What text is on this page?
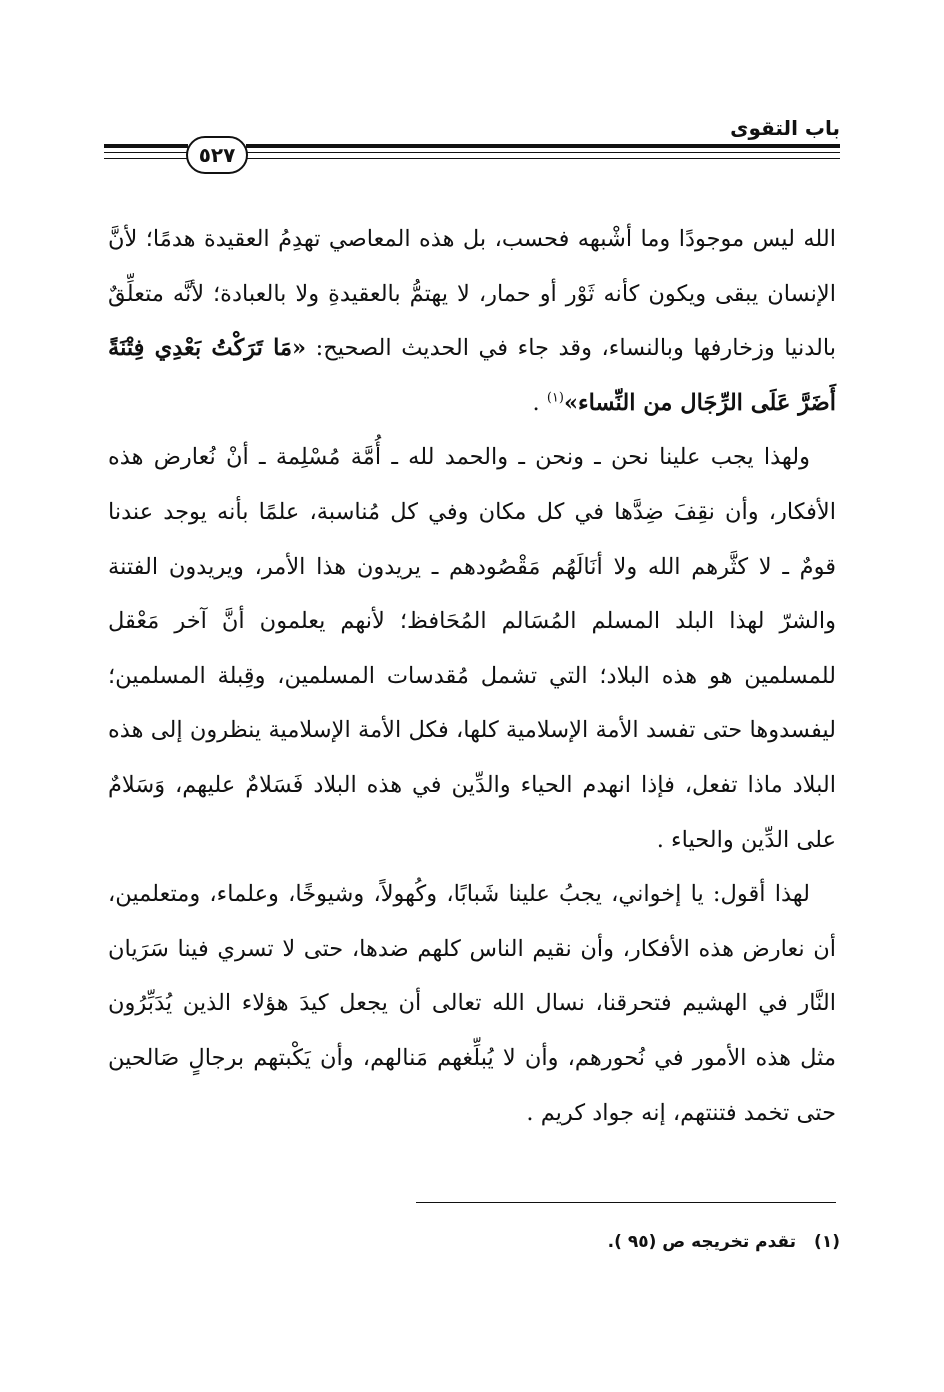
باب التقوى
٥٢٧

الله ليس موجودًا وما أشْبهه فحسب، بل هذه المعاصي تهدِمُ العقيدة هدمًا؛ لأنَّ الإنسان يبقى ويكون كأنه ثَوْر أو حمار، لا يهتمُّ بالعقيدةِ ولا بالعبادة؛ لأنَّه متعلِّقٌ بالدنيا وزخارفها وبالنساء، وقد جاء في الحديث الصحيح: «مَا تَرَكْتُ بَعْدِي فِتْنَةً أَضَرَّ عَلَى الرِّجَال من النِّساء»$^{(١)}$ .

ولهذا يجب علينا نحن ـ ونحن ـ والحمد لله ـ أُمَّة مُسْلِمة ـ أنْ نُعارض هذه الأفكار، وأن نقِفَ ضِدَّها في كل مكان وفي كل مُناسبة، علمًا بأنه يوجد عندنا قومٌ ـ لا كثَّرهم الله ولا أنَالَهُم مَقْصُودهم ـ يريدون هذا الأمر، ويريدون الفتنة والشرّ لهذا البلد المسلم المُسَالم المُحَافظ؛ لأنهم يعلمون أنَّ آخر مَعْقل للمسلمين هو هذه البلاد؛ التي تشمل مُقدسات المسلمين، وقِبلة المسلمين؛ ليفسدوها حتى تفسد الأمة الإسلامية كلها، فكل الأمة الإسلامية ينظرون إلى هذه البلاد ماذا تفعل، فإذا انهدم الحياء والدِّين في هذه البلاد فَسَلامٌ عليهم، وَسَلامٌ على الدِّين والحياء .

لهذا أقول: يا إخواني، يجبُ علينا شَبابًا، وكُهولاً، وشيوخًا، وعلماء، ومتعلمين، أن نعارض هذه الأفكار، وأن نقيم الناس كلهم ضدها، حتى لا تسري فينا سَرَيان النَّار في الهشيم فتحرقنا، نسال الله تعالى أن يجعل كيدَ هؤلاء الذين يُدَبِّرُون مثل هذه الأمور في نُحورهم، وأن لا يُبلِّغهم مَنالهم، وأن يَكْبتهم برجالٍ صَالحين حتى تخمد فتنتهم، إنه جواد كريم .

(١)تقدم تخريجه ص (٩٥ ).
